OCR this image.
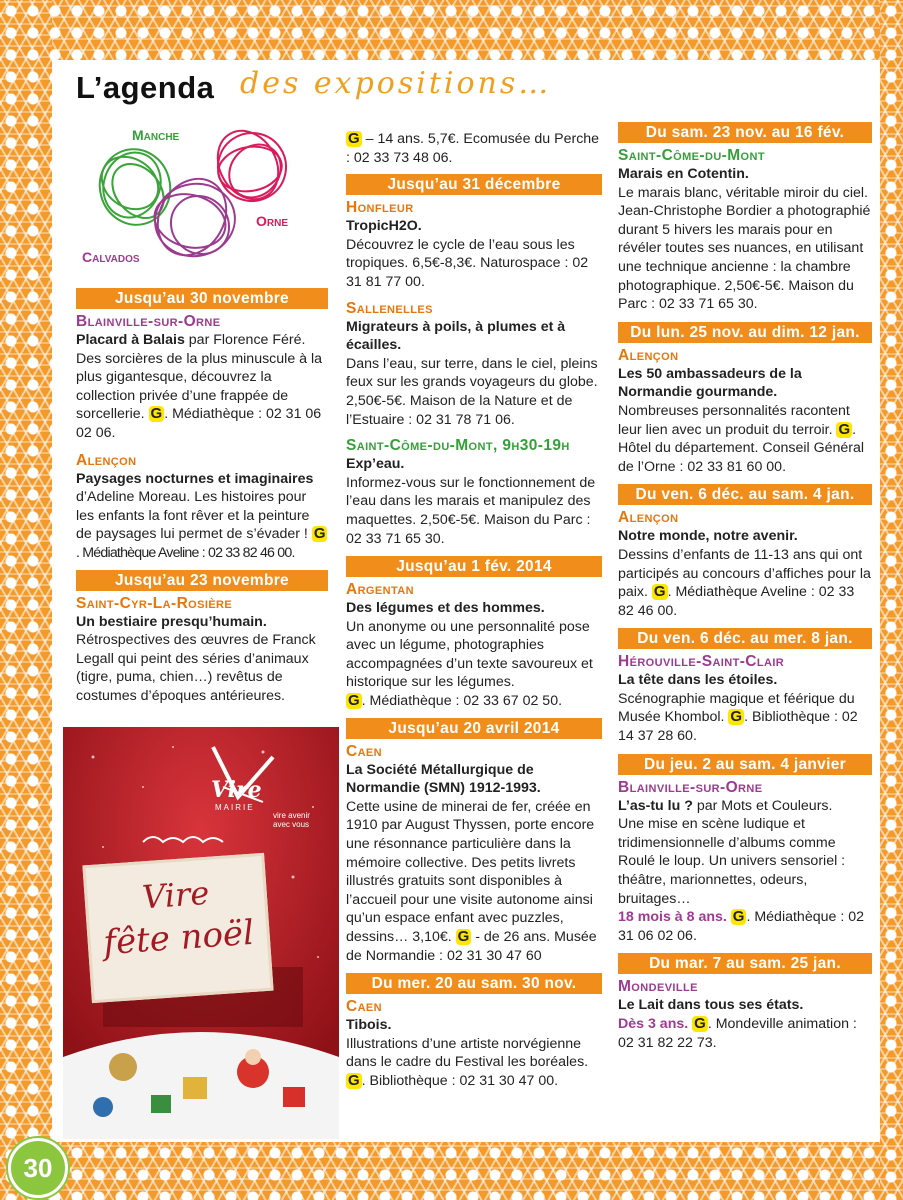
L’agenda des expositions…
Manche
Orne
Calvados
Jusqu’au 30 novembre
Blainville-sur-Orne
Placard à Balais par Florence Féré.
Des sorcières de la plus minuscule à la plus gigantesque, découvrez la collection privée d’une frappée de sorcellerie. G . Médiathèque : 02 31 06 02 06.
Alençon
Paysages nocturnes et imaginaires
d’Adeline Moreau. Les histoires pour les enfants la font rêver et la peinture de paysages lui permet de s’évader ! G. Médiathèque Aveline : 02 33 82 46 00.
Jusqu’au 23 novembre
Saint-Cyr-La-Rosière
Un bestiaire presqu’humain.
Rétrospectives des œuvres de Franck Legall qui peint des séries d’animaux (tigre, puma, chien…) revêtus de costumes d’époques antérieures.
Vire
MAIRIE
vire avenir avec vous
Vire
fête noël
G – 14 ans. 5,7€. Ecomusée du Perche : 02 33 73 48 06.
Jusqu’au 31 décembre
Honfleur
TropicH2O.
Découvrez le cycle de l’eau sous les tropiques. 6,5€-8,3€. Naturospace : 02 31 81 77 00.
Sallenelles
Migrateurs à poils, à plumes et à écailles.
Dans l’eau, sur terre, dans le ciel, pleins feux sur les grands voyageurs du globe. 2,50€-5€. Maison de la Nature et de l’Estuaire : 02 31 78 71 06.
Saint-Côme-du-Mont, 9h30-19h
Exp’eau.
Informez-vous sur le fonctionnement de l’eau dans les marais et manipulez des maquettes. 2,50€-5€. Maison du Parc : 02 33 71 65 30.
Jusqu’au 1 fév. 2014
Argentan
Des légumes et des hommes.
Un anonyme ou une personnalité pose avec un légume, photographies accompagnées d’un texte savoureux et historique sur les légumes.
G . Médiathèque : 02 33 67 02 50.
Jusqu’au 20 avril 2014
Caen
La Société Métallurgique de Normandie (SMN) 1912-1993.
Cette usine de minerai de fer, créée en 1910 par August Thyssen, porte encore une résonnance particulière dans la mémoire collective. Des petits livrets illustrés gratuits sont disponibles à l’accueil pour une visite autonome ainsi qu’un espace enfant avec puzzles, dessins… 3,10€. G - de 26 ans. Musée de Normandie : 02 31 30 47 60
Du mer. 20 au sam. 30 nov.
Caen
Tibois.
Illustrations d’une artiste norvégienne dans le cadre du Festival les boréales. G . Bibliothèque : 02 31 30 47 00.
Du sam. 23 nov. au 16 fév.
Saint-Côme-du-Mont
Marais en Cotentin.
Le marais blanc, véritable miroir du ciel. Jean-Christophe Bordier a photographié durant 5 hivers les marais pour en révéler toutes ses nuances, en utilisant une technique ancienne : la chambre photographique. 2,50€-5€. Maison du Parc : 02 33 71 65 30.
Du lun. 25 nov. au dim. 12 jan.
Alençon
Les 50 ambassadeurs de la Normandie gourmande.
Nombreuses personnalités racontent leur lien avec un produit du terroir. G . Hôtel du département. Conseil Général de l’Orne : 02 33 81 60 00.
Du ven. 6 déc. au sam. 4 jan.
Alençon
Notre monde, notre avenir.
Dessins d’enfants de 11-13 ans qui ont participés au concours d’affiches pour la paix. G . Médiathèque Aveline : 02 33 82 46 00.
Du ven. 6 déc. au mer. 8 jan.
Hérouville-Saint-Clair
La tête dans les étoiles.
Scénographie magique et féérique du Musée Khombol. G . Bibliothèque : 02 14 37 28 60.
Du jeu. 2 au sam. 4 janvier
Blainville-sur-Orne
L’as-tu lu ? par Mots et Couleurs.
Une mise en scène ludique et tridimensionnelle d’albums comme Roulé le loup. Un univers sensoriel : théâtre, marionnettes, odeurs, bruitages…
18 mois à 8 ans. G . Médiathèque : 02 31 06 02 06.
Du mar. 7 au sam. 25 jan.
Mondeville
Le Lait dans tous ses états.
Dès 3 ans. G . Mondeville animation : 02 31 82 22 73.
30
